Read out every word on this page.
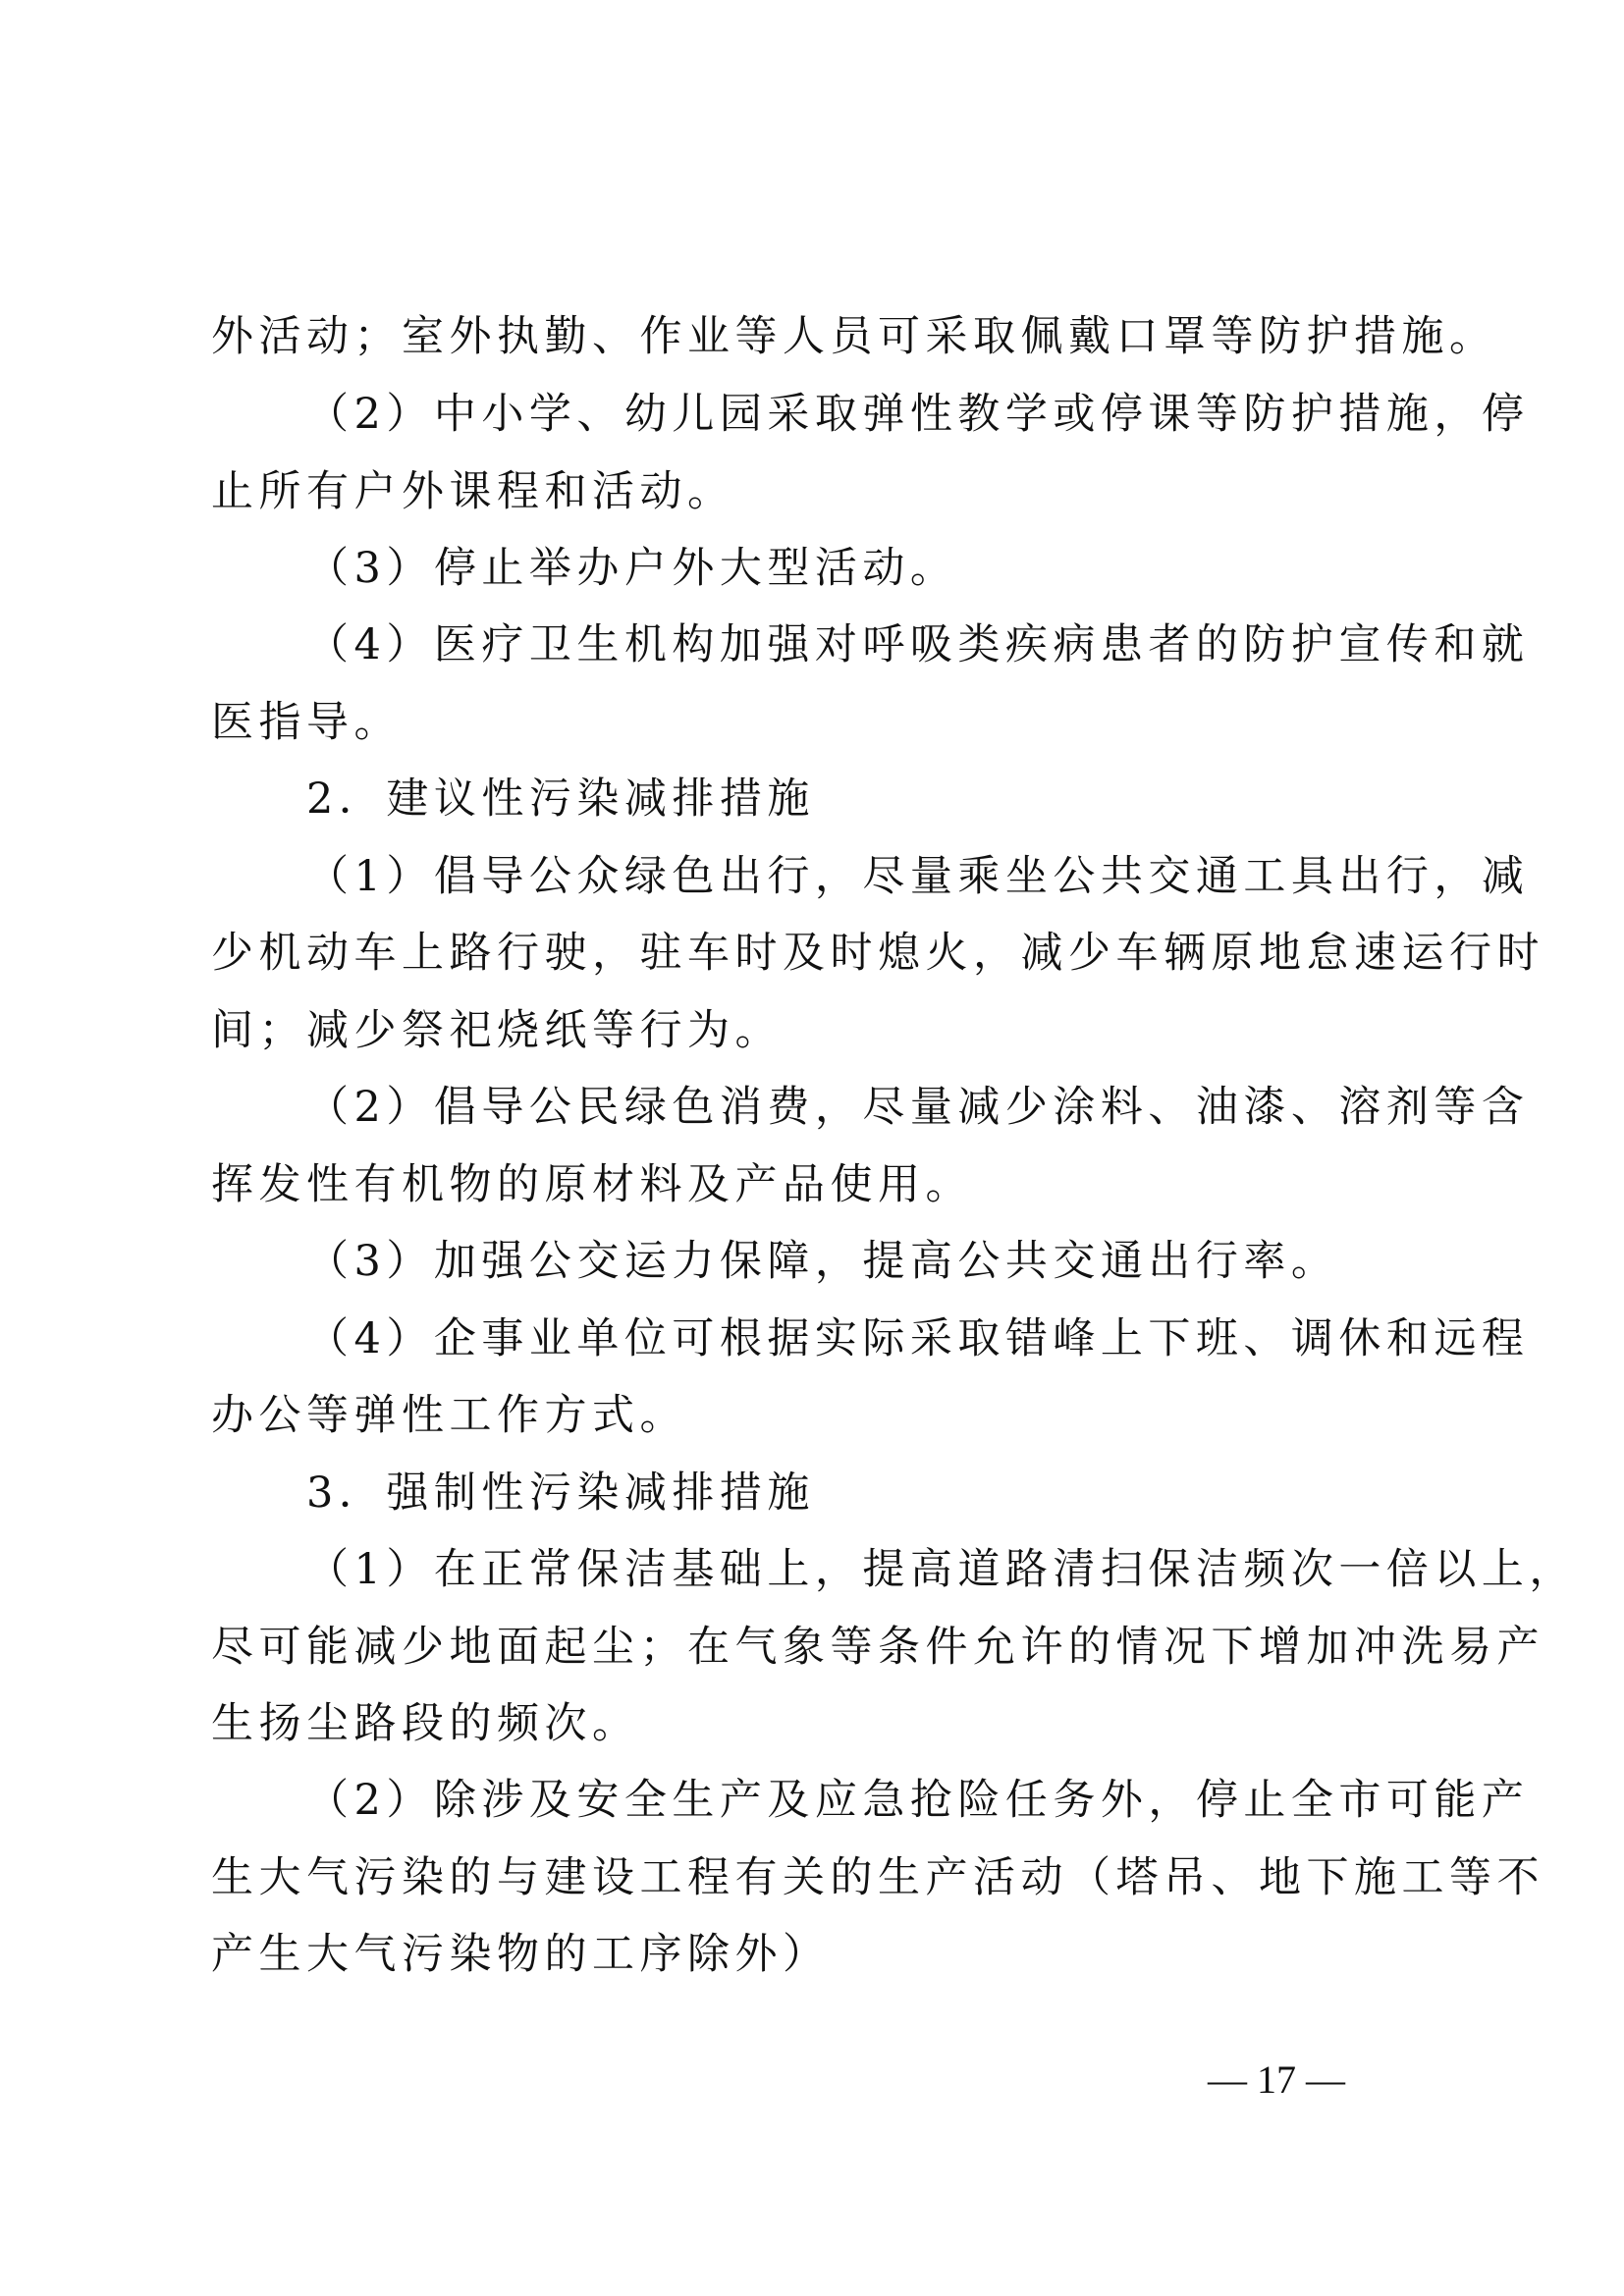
外活动；室外执勤、作业等人员可采取佩戴口罩等防护措施。
（2）中小学、幼儿园采取弹性教学或停课等防护措施，停
止所有户外课程和活动。
（3）停止举办户外大型活动。
（4）医疗卫生机构加强对呼吸类疾病患者的防护宣传和就
医指导。
2．建议性污染减排措施
（1）倡导公众绿色出行，尽量乘坐公共交通工具出行，减
少机动车上路行驶，驻车时及时熄火，减少车辆原地怠速运行时
间；减少祭祀烧纸等行为。
（2）倡导公民绿色消费，尽量减少涂料、油漆、溶剂等含
挥发性有机物的原材料及产品使用。
（3）加强公交运力保障，提高公共交通出行率。
（4）企事业单位可根据实际采取错峰上下班、调休和远程
办公等弹性工作方式。
3．强制性污染减排措施
（1）在正常保洁基础上，提高道路清扫保洁频次一倍以上，
尽可能减少地面起尘；在气象等条件允许的情况下增加冲洗易产
生扬尘路段的频次。
（2）除涉及安全生产及应急抢险任务外，停止全市可能产
生大气污染的与建设工程有关的生产活动（塔吊、地下施工等不
产生大气污染物的工序除外）
— 17 —
